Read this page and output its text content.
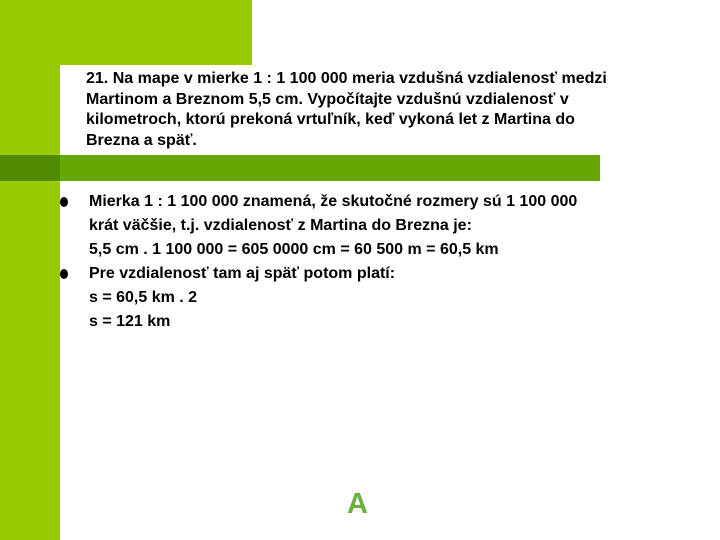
21. Na mape v mierke 1 : 1 100 000 meria vzdušná vzdialenosť medzi
Martinom a Breznom 5,5 cm. Vypočítajte vzdušnú vzdialenosť v
kilometroch, ktorú prekoná vrtuľník, keď vykoná let z Martina do
Brezna a späť.
Mierka 1 : 1 100 000 znamená, že skutočné rozmery sú 1 100 000
krát väčšie, t.j. vzdialenosť z Martina do Brezna je:
5,5 cm . 1 100 000 = 605 0000 cm = 60 500 m = 60,5 km
Pre vzdialenosť tam aj späť potom platí:
s = 60,5 km . 2
s = 121 km
A
